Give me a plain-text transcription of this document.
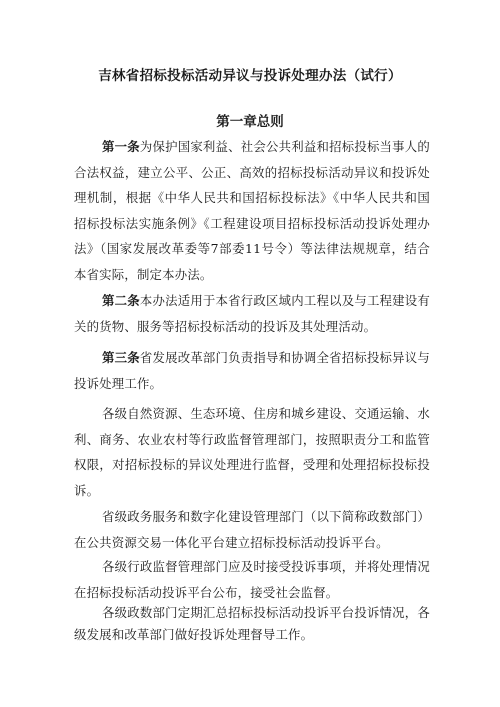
吉林省招标投标活动异议与投诉处理办法（试行）
第一章总则

第一条为保护国家利益、社会公共利益和招标投标当事人的合法权益，建立公平、公正、高效的招标投标活动异议和投诉处理机制，根据《中华人民共和国招标投标法》《中华人民共和国招标投标法实施条例》《工程建设项目招标投标活动投诉处理办法》（国家发展改革委等7部委11号令）等法律法规规章，结合本省实际，制定本办法。

第二条本办法适用于本省行政区域内工程以及与工程建设有关的货物、服务等招标投标活动的投诉及其处理活动。

第三条省发展改革部门负责指导和协调全省招标投标异议与投诉处理工作。

各级自然资源、生态环境、住房和城乡建设、交通运输、水利、商务、农业农村等行政监督管理部门，按照职责分工和监管权限，对招标投标的异议处理进行监督，受理和处理招标投标投诉。

省级政务服务和数字化建设管理部门（以下简称政数部门）在公共资源交易一体化平台建立招标投标活动投诉平台。

各级行政监督管理部门应及时接受投诉事项，并将处理情况在招标投标活动投诉平台公布，接受社会监督。

各级政数部门定期汇总招标投标活动投诉平台投诉情况，各级发展和改革部门做好投诉处理督导工作。
